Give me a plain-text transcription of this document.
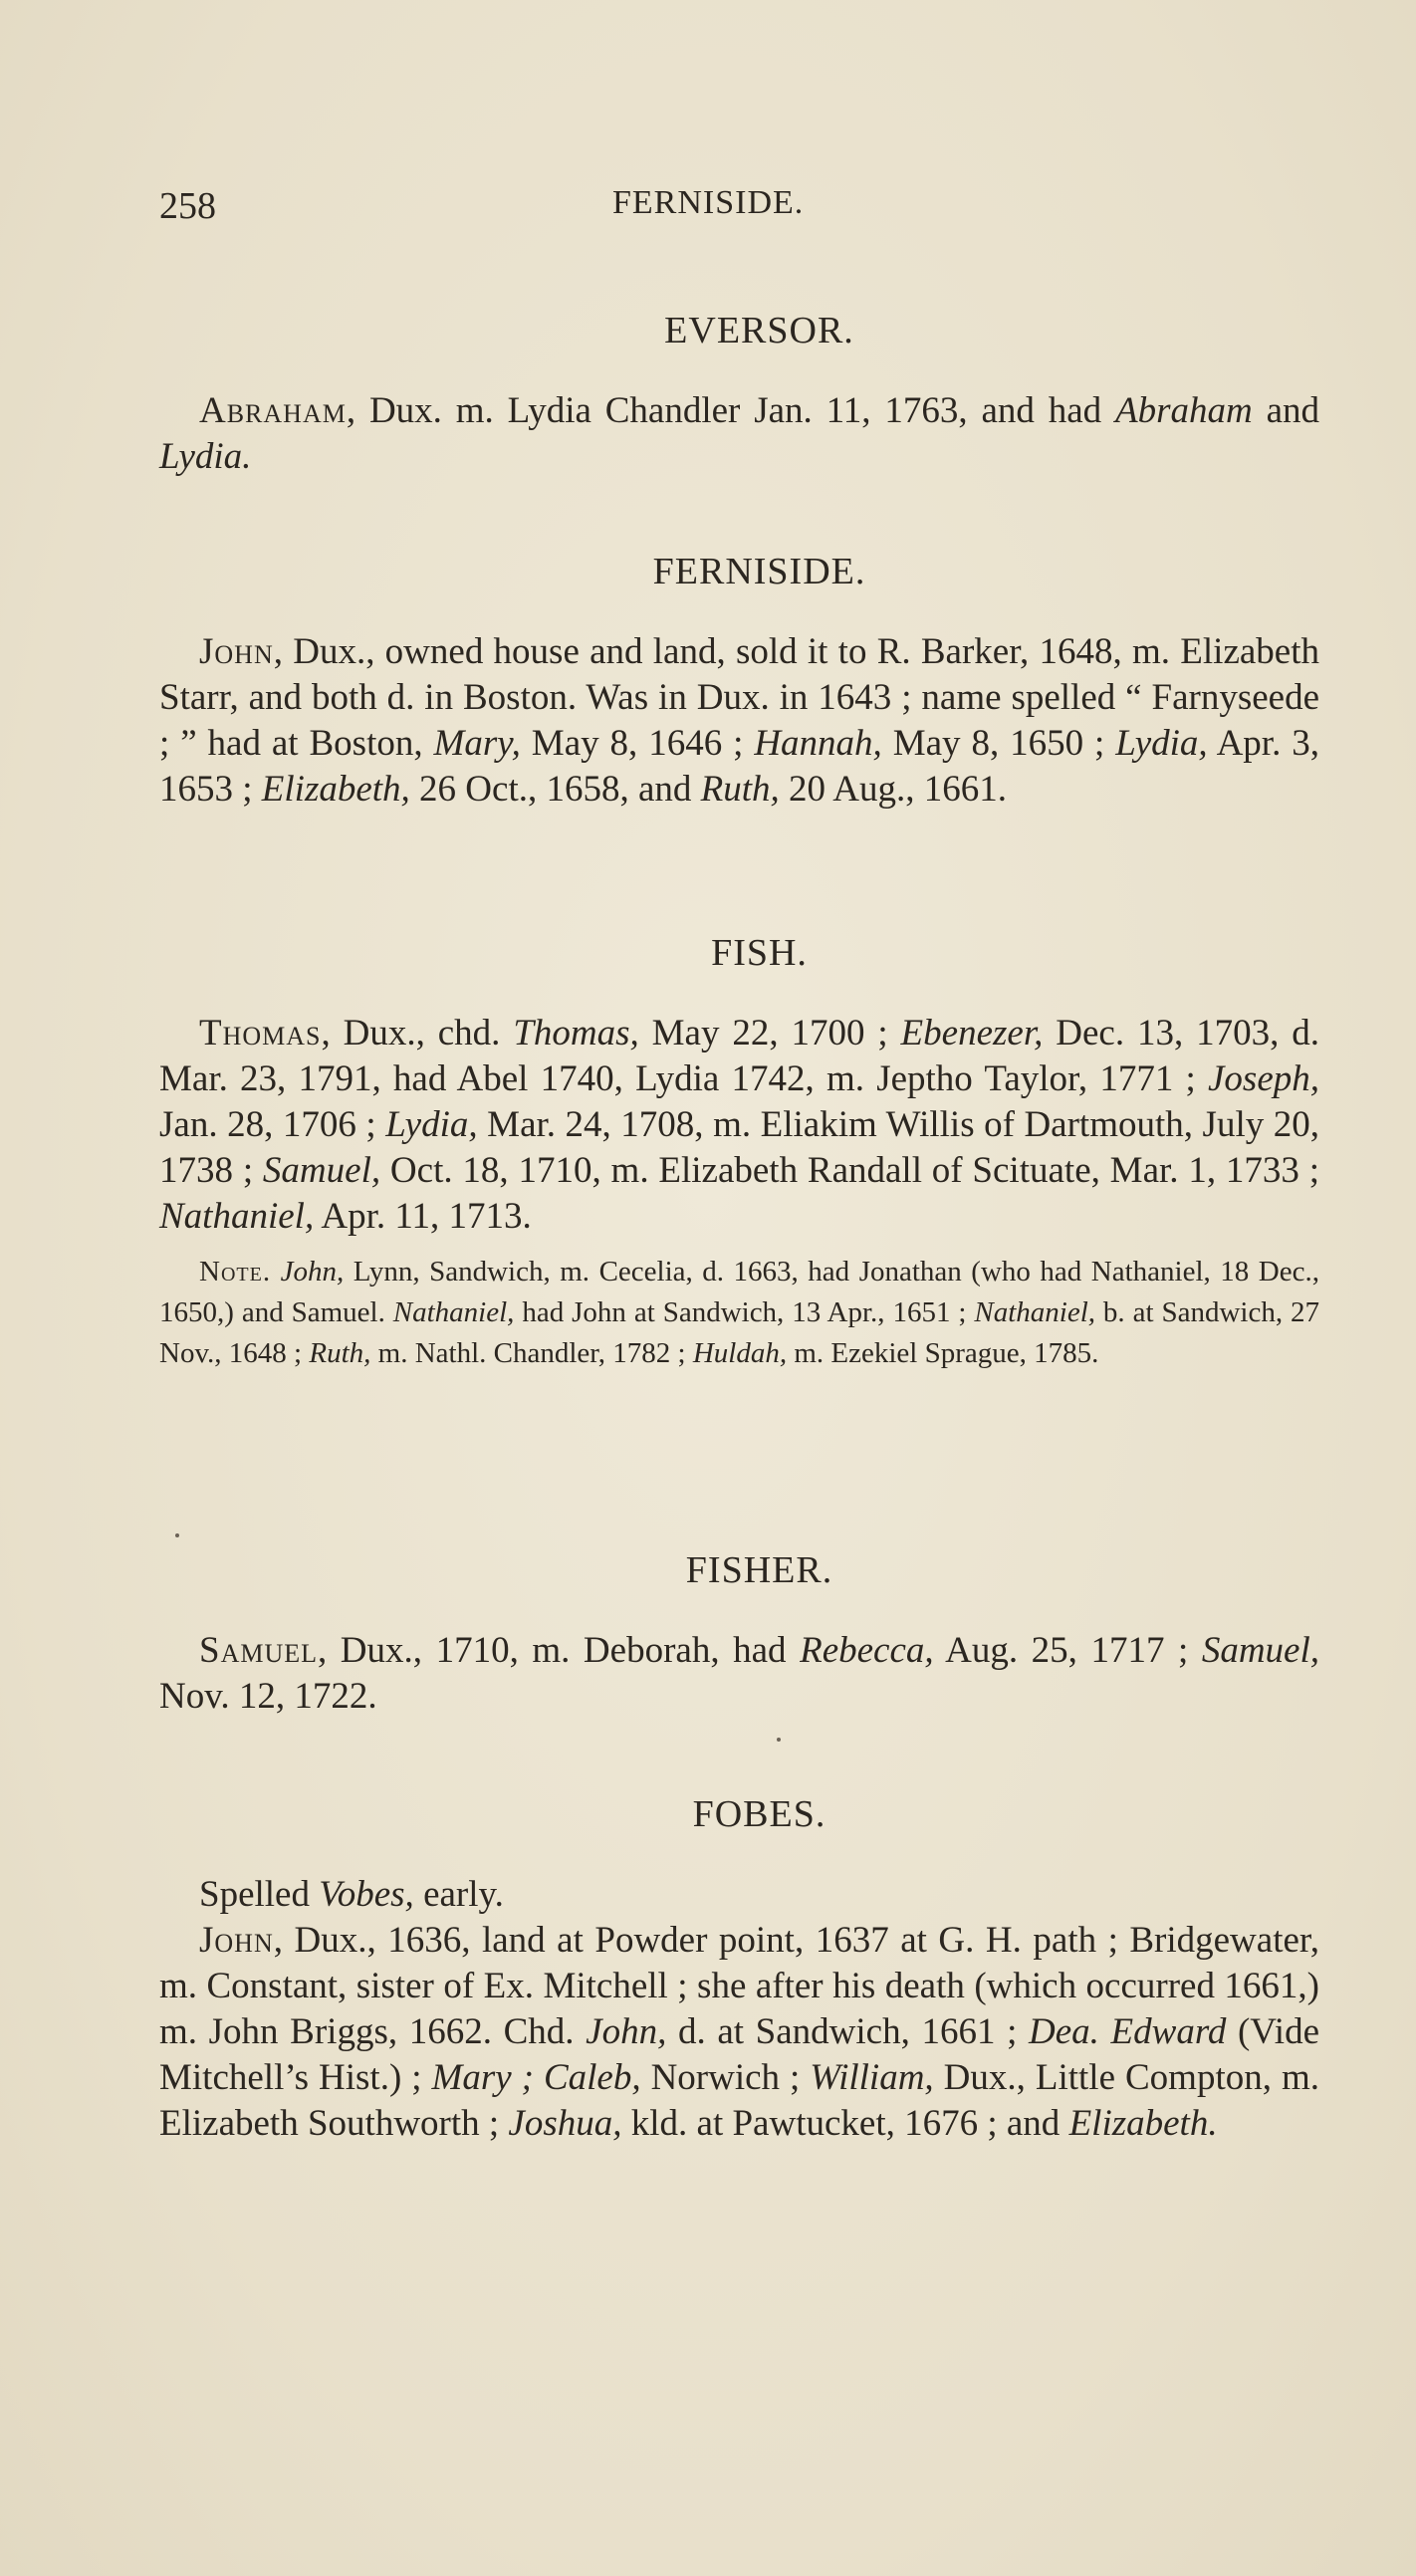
258	FERNISIDE.
EVERSOR.

Abraham, Dux. m. Lydia Chandler Jan. 11, 1763, and had Abraham and Lydia.

FERNISIDE.

John, Dux., owned house and land, sold it to R. Barker, 1648, m. Elizabeth Starr, and both d. in Boston. Was in Dux. in 1643 ; name spelled “ Farnyseede ; ” had at Boston, Mary, May 8, 1646 ; Hannah, May 8, 1650 ; Lydia, Apr. 3, 1653 ; Elizabeth, 26 Oct., 1658, and Ruth, 20 Aug., 1661.

FISH.

Thomas, Dux., chd. Thomas, May 22, 1700 ; Ebenezer, Dec. 13, 1703, d. Mar. 23, 1791, had Abel 1740, Lydia 1742, m. Jeptho Taylor, 1771 ; Joseph, Jan. 28, 1706 ; Lydia, Mar. 24, 1708, m. Eliakim Willis of Dartmouth, July 20, 1738 ; Samuel, Oct. 18, 1710, m. Elizabeth Randall of Scituate, Mar. 1, 1733 ; Nathaniel, Apr. 11, 1713.

Note. John, Lynn, Sandwich, m. Cecelia, d. 1663, had Jonathan (who had Nathaniel, 18 Dec., 1650,) and Samuel. Nathaniel, had John at Sandwich, 13 Apr., 1651 ; Nathaniel, b. at Sandwich, 27 Nov., 1648 ; Ruth, m. Nathl. Chandler, 1782 ; Huldah, m. Ezekiel Sprague, 1785.

FISHER.

Samuel, Dux., 1710, m. Deborah, had Rebecca, Aug. 25, 1717 ; Samuel, Nov. 12, 1722.

FOBES.

Spelled Vobes, early.

John, Dux., 1636, land at Powder point, 1637 at G. H. path ; Bridgewater, m. Constant, sister of Ex. Mitchell ; she after his death (which occurred 1661,) m. John Briggs, 1662. Chd. John, d. at Sandwich, 1661 ; Dea. Edward (Vide Mitchell’s Hist.) ; Mary ; Caleb, Norwich ; William, Dux., Little Compton, m. Elizabeth Southworth ; Joshua, kld. at Pawtucket, 1676 ; and Elizabeth.
